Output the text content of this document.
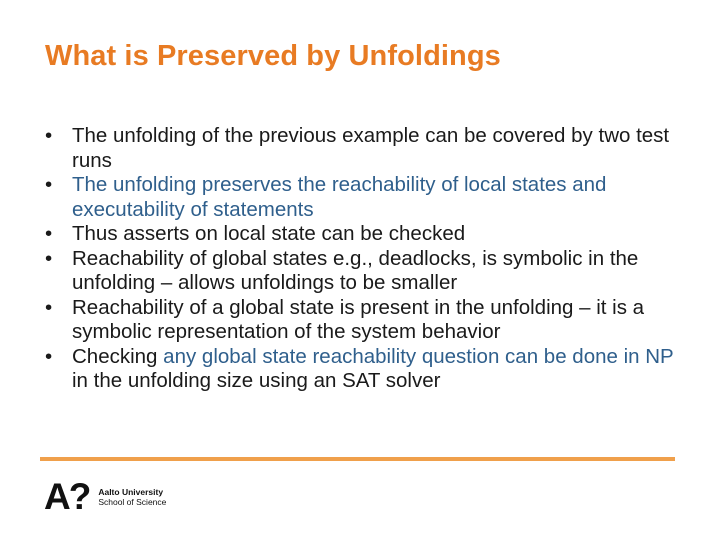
What is Preserved by Unfoldings
• The unfolding of the previous example can be covered by two test runs
• The unfolding preserves the reachability of local states and executability of statements
• Thus asserts on local state can be checked
• Reachability of global states e.g., deadlocks, is symbolic in the unfolding – allows unfoldings to be smaller
• Reachability of a global state is present in the unfolding – it is a symbolic representation of the system behavior
• Checking any global state reachability question can be done in NP in the unfolding size using an SAT solver
A? Aalto University
School of Science
